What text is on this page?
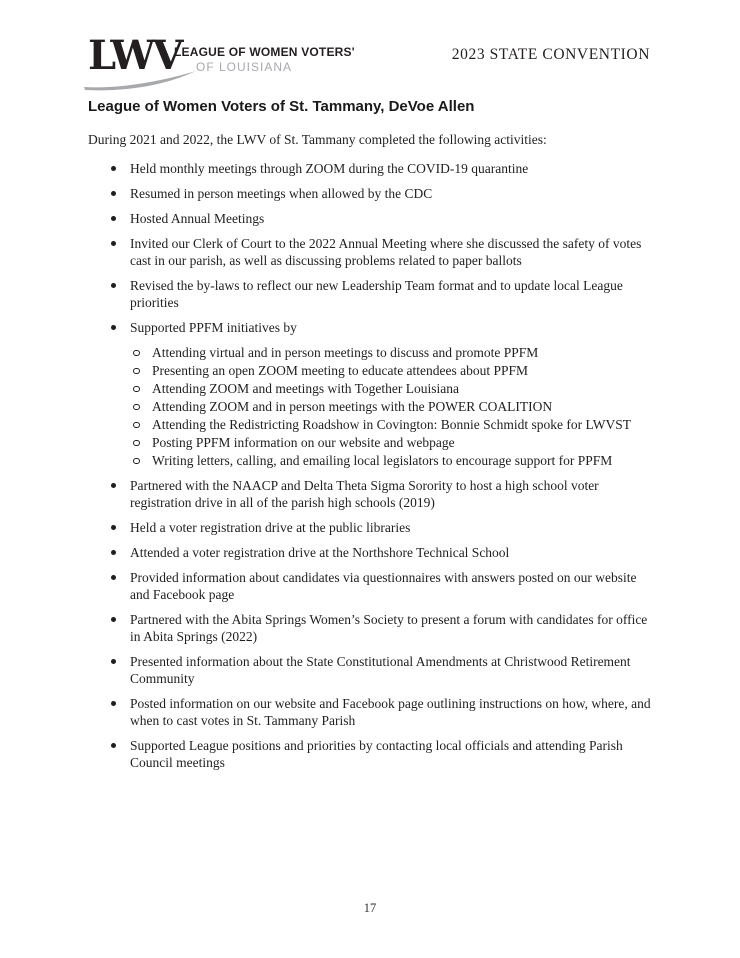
LWV
LEAGUE OF WOMEN VOTERS'
OF LOUISIANA
2023 STATE CONVENTION
League of Women Voters of St. Tammany, DeVoe Allen

During 2021 and 2022, the LWV of St. Tammany completed the following activities:

Held monthly meetings through ZOOM during the COVID-19 quarantine
Resumed in person meetings when allowed by the CDC
Hosted Annual Meetings
Invited our Clerk of Court to the 2022 Annual Meeting where she discussed the safety of votes cast in our parish, as well as discussing problems related to paper ballots
Revised the by-laws to reflect our new Leadership Team format and to update local League priorities
Supported PPFM initiatives by
Attending virtual and in person meetings to discuss and promote PPFM
Presenting an open ZOOM meeting to educate attendees about PPFM
Attending ZOOM and meetings with Together Louisiana
Attending ZOOM and in person meetings with the POWER COALITION
Attending the Redistricting Roadshow in Covington: Bonnie Schmidt spoke for LWVST
Posting PPFM information on our website and webpage
Writing letters, calling, and emailing local legislators to encourage support for PPFM
Partnered with the NAACP and Delta Theta Sigma Sorority to host a high school voter registration drive in all of the parish high schools (2019)
Held a voter registration drive at the public libraries
Attended a voter registration drive at the Northshore Technical School
Provided information about candidates via questionnaires with answers posted on our website and Facebook page
Partnered with the Abita Springs Women’s Society to present a forum with candidates for office in Abita Springs (2022)
Presented information about the State Constitutional Amendments at Christwood Retirement Community
Posted information on our website and Facebook page outlining instructions on how, where, and when to cast votes in St. Tammany Parish
Supported League positions and priorities by contacting local officials and attending Parish Council meetings
17
